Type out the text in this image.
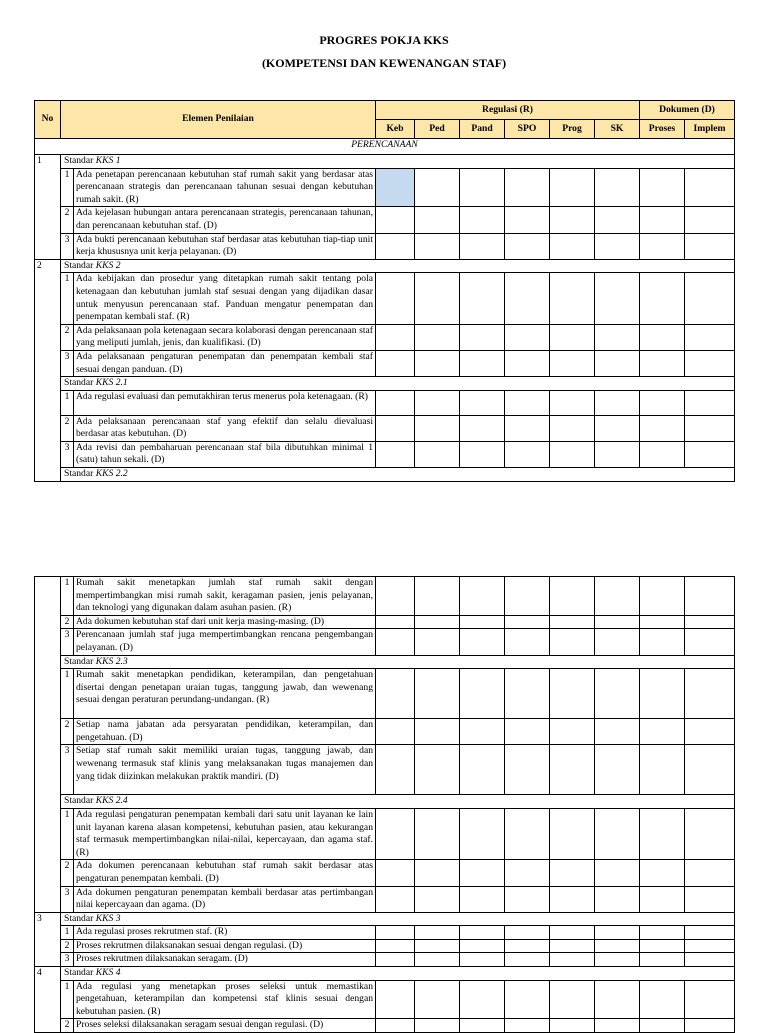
PROGRES POKJA KKS
(KOMPETENSI DAN KEWENANGAN STAF)
No	Elemen Penilaian		Regulasi (R)						Dokumen (D)	
			Keb	Ped	Pand	SPO	Prog	SK	Proses	Implem
PERENCANAAN										
1	Standar KKS 1									
	1	Ada penetapan perencanaan kebutuhan staf rumah sakit yang berdasar atas perencanaan strategis dan perencanaan tahunan sesuai dengan kebutuhan rumah sakit. (R)								
	2	Ada kejelasan hubungan antara perencanaan strategis, perencanaan tahunan, dan perencanaan kebutuhan staf. (D)								
	3	Ada bukti perencanaan kebutuhan staf berdasar atas kebutuhan tiap-tiap unit kerja khususnya unit kerja pelayanan. (D)								
2	Standar KKS 2									
	1	Ada kebijakan dan prosedur yang ditetapkan rumah sakit tentang pola ketenagaan dan kebutuhan jumlah staf sesuai dengan yang dijadikan dasar untuk menyusun perencanaan staf. Panduan mengatur penempatan dan penempatan kembali staf. (R)								
	2	Ada pelaksanaan pola ketenagaan secara kolaborasi dengan perencanaan staf yang meliputi jumlah, jenis, dan kualifikasi. (D)								
	3	Ada pelaksanaan pengaturan penempatan dan penempatan kembali staf sesuai dengan panduan. (D)								
	Standar KKS 2.1									
	1	Ada regulasi evaluasi dan pemutakhiran terus menerus pola ketenagaan. (R)								
	2	Ada pelaksanaan perencanaan staf yang efektif dan selalu dievaluasi berdasar atas kebutuhan. (D)								
	3	Ada revisi dan pembaharuan perencanaan staf bila dibutuhkan minimal 1 (satu) tahun sekali. (D)								
	Standar KKS 2.2									
	1	Rumah sakit menetapkan jumlah staf rumah sakit dengan mempertimbangkan misi rumah sakit, keragaman pasien, jenis pelayanan, dan teknologi yang digunakan dalam asuhan pasien. (R)								
	2	Ada dokumen kebutuhan staf dari unit kerja masing-masing. (D)								
	3	Perencanaan jumlah staf juga mempertimbangkan rencana pengembangan pelayanan. (D)								
	Standar KKS 2.3									
	1	Rumah sakit menetapkan pendidikan, keterampilan, dan pengetahuan disertai dengan penetapan uraian tugas, tanggung jawab, dan wewenang sesuai dengan peraturan perundang-undangan. (R)								
	2	Setiap nama jabatan ada persyaratan pendidikan, keterampilan, dan pengetahuan. (D)								
	3	Setiap staf rumah sakit memiliki uraian tugas, tanggung jawab, dan wewenang termasuk staf klinis yang melaksanakan tugas manajemen dan yang tidak diizinkan melakukan praktik mandiri. (D)								
	Standar KKS 2.4									
	1	Ada regulasi pengaturan penempatan kembali dari satu unit layanan ke lain unit layanan karena alasan kompetensi, kebutuhan pasien, atau kekurangan staf termasuk mempertimbangkan nilai-nilai, kepercayaan, dan agama staf. (R)								
	2	Ada dokumen perencanaan kebutuhan staf rumah sakit berdasar atas pengaturan penempatan kembali. (D)								
	3	Ada dokumen pengaturan penempatan kembali berdasar atas pertimbangan nilai kepercayaan dan agama. (D)								
3	Standar KKS 3									
	1	Ada regulasi proses rekrutmen staf. (R)								
	2	Proses rekrutmen dilaksanakan sesuai dengan regulasi. (D)								
	3	Proses rekrutmen dilaksanakan seragam. (D)								
4	Standar KKS 4									
	1	Ada regulasi yang menetapkan proses seleksi untuk memastikan pengetahuan, keterampilan dan kompetensi staf klinis sesuai dengan kebutuhan pasien. (R)								
	2	Proses seleksi dilaksanakan seragam sesuai dengan regulasi. (D)								
